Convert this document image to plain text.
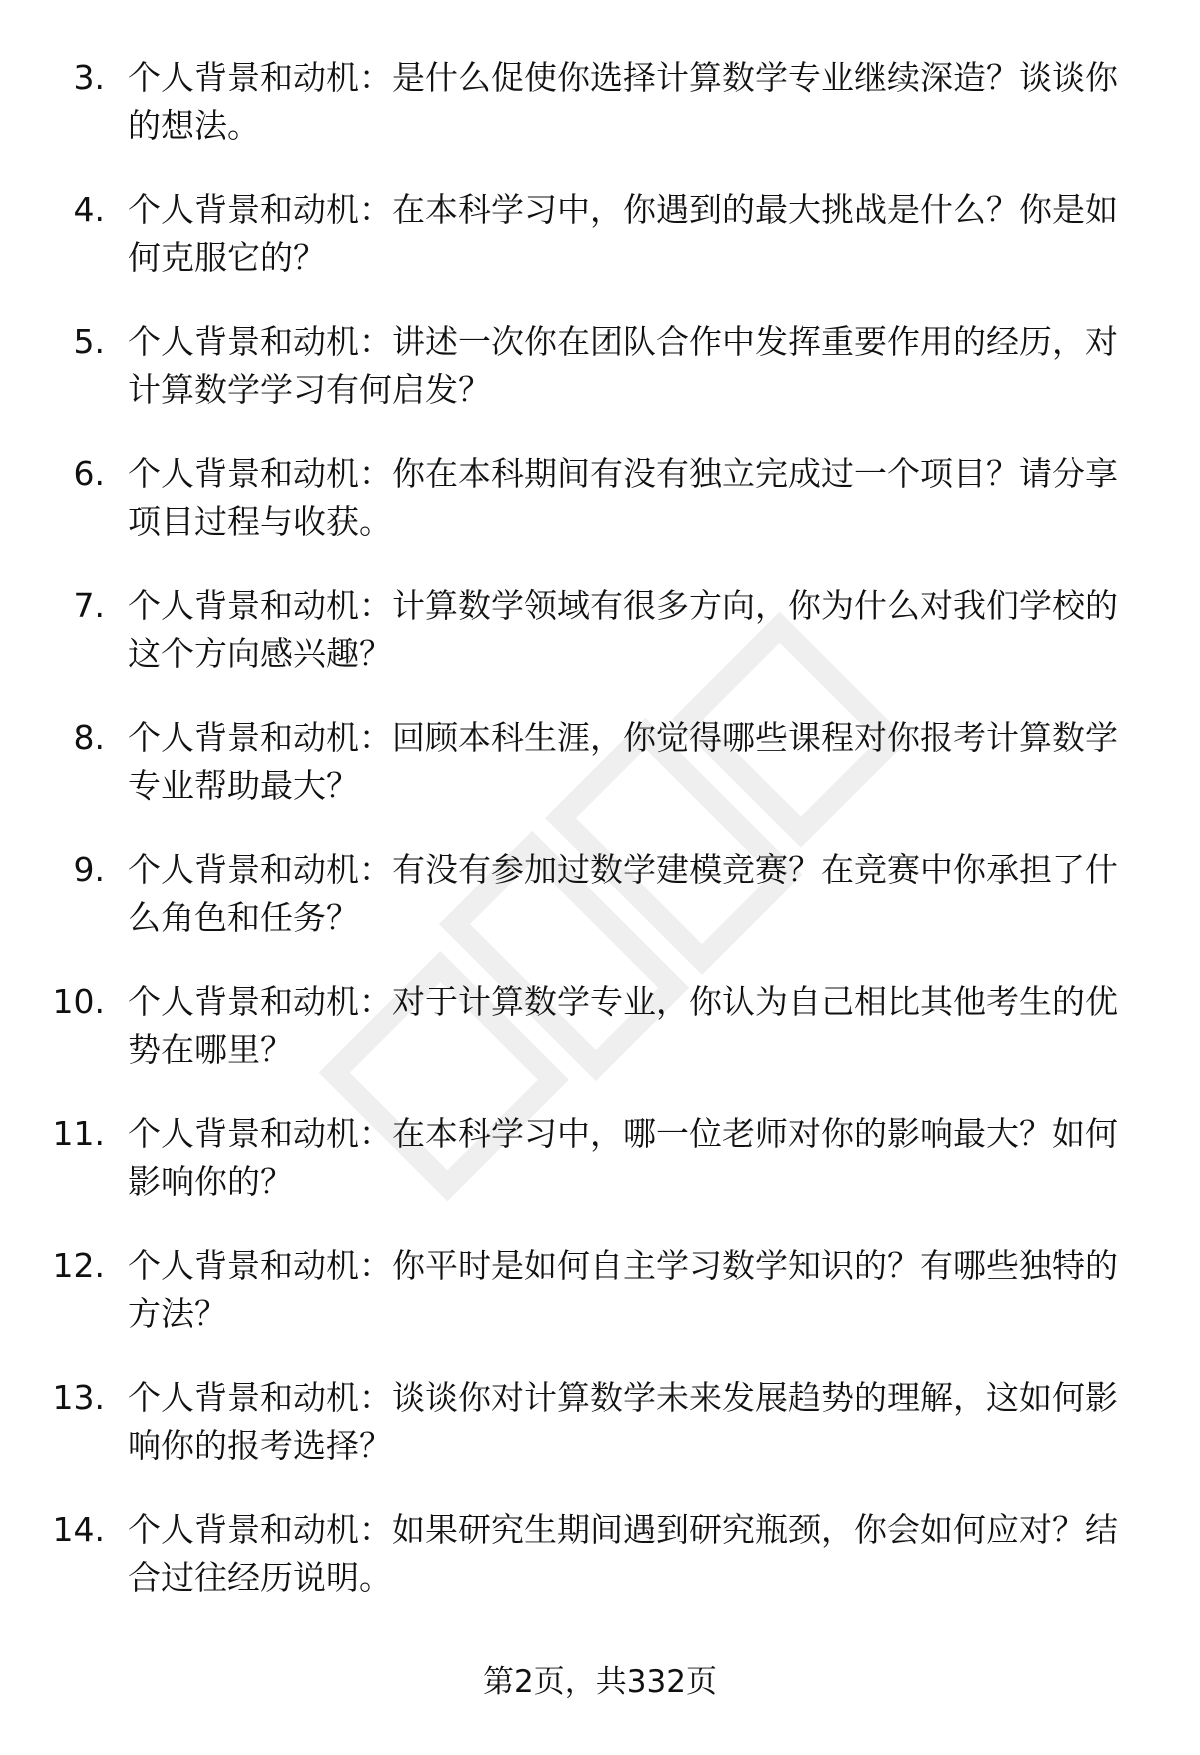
3. 个人背景和动机：是什么促使你选择计算数学专业继续深造？谈谈你的想法。

4. 个人背景和动机：在本科学习中，你遇到的最大挑战是什么？你是如何克服它的？

5. 个人背景和动机：讲述一次你在团队合作中发挥重要作用的经历，对计算数学学习有何启发？

6. 个人背景和动机：你在本科期间有没有独立完成过一个项目？请分享项目过程与收获。

7. 个人背景和动机：计算数学领域有很多方向，你为什么对我们学校的这个方向感兴趣？

8. 个人背景和动机：回顾本科生涯，你觉得哪些课程对你报考计算数学专业帮助最大？

9. 个人背景和动机：有没有参加过数学建模竞赛？在竞赛中你承担了什么角色和任务？

10. 个人背景和动机：对于计算数学专业，你认为自己相比其他考生的优势在哪里？

11. 个人背景和动机：在本科学习中，哪一位老师对你的影响最大？如何影响你的？

12. 个人背景和动机：你平时是如何自主学习数学知识的？有哪些独特的方法？

13. 个人背景和动机：谈谈你对计算数学未来发展趋势的理解，这如何影响你的报考选择？

14. 个人背景和动机：如果研究生期间遇到研究瓶颈，你会如何应对？结合过往经历说明。

第2页，共332页
